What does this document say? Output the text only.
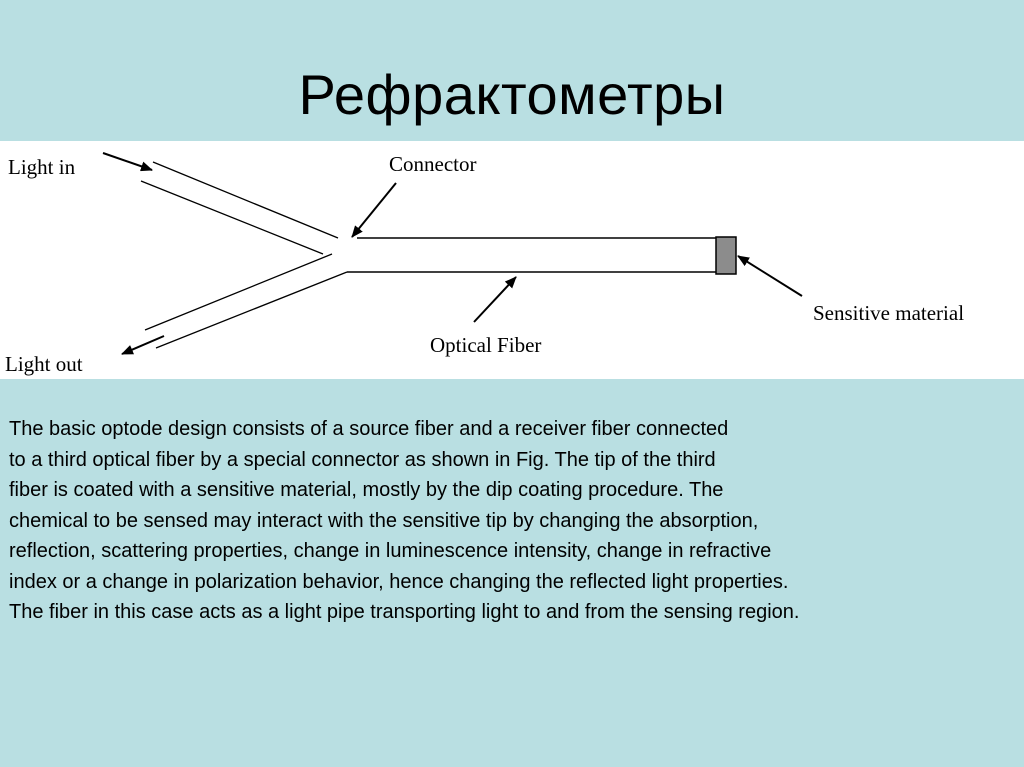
Рефрактометры
Light in
Light out
Connector
Optical Fiber
Sensitive material
The basic optode design consists of a source fiber and a receiver fiber connected
to a third optical fiber by a special connector as shown in Fig. The tip of the third
fiber is coated with a sensitive material, mostly by the dip coating procedure. The
chemical to be sensed may interact with the sensitive tip by changing the absorption,
reflection, scattering properties, change in luminescence intensity, change in refractive
index or a change in polarization behavior, hence changing the reflected light properties.
The fiber in this case acts as a light pipe transporting light to and from the sensing region.
